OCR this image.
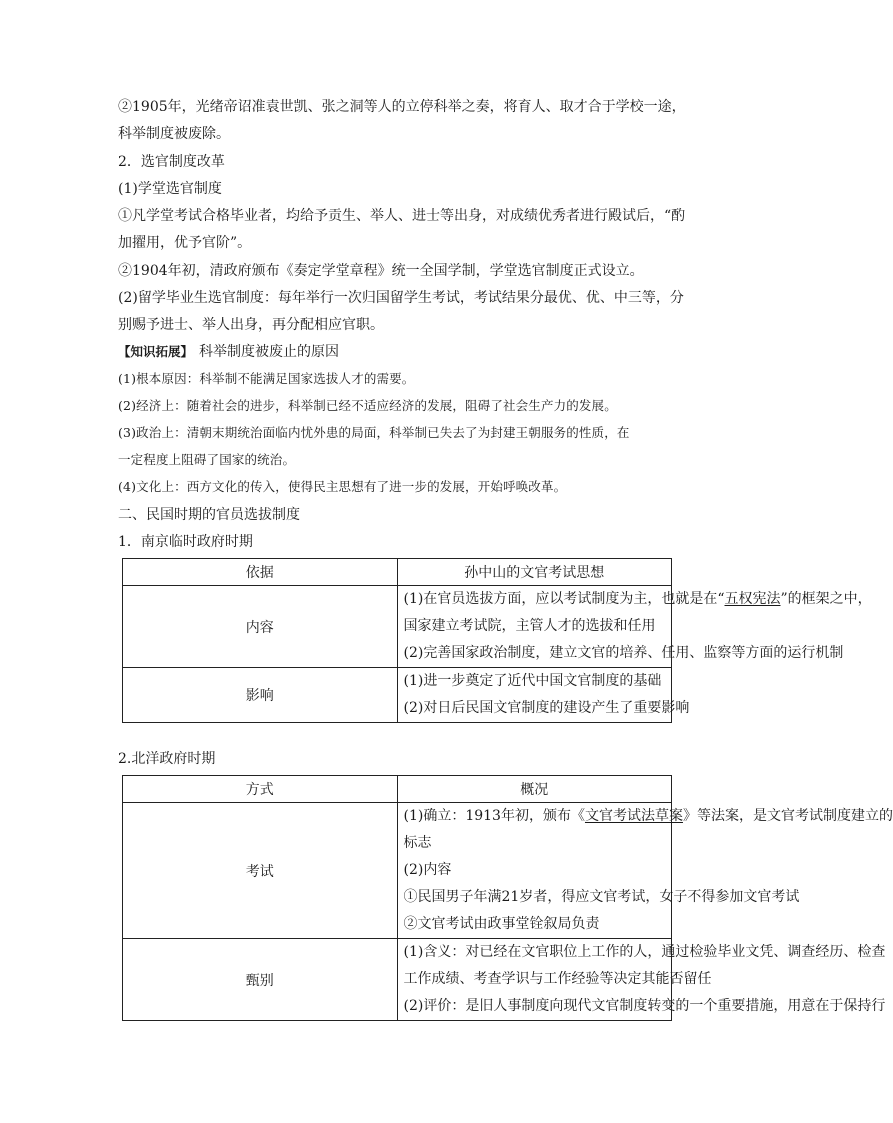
②1905年，光绪帝诏准袁世凯、张之洞等人的立停科举之奏，将育人、取才合于学校一途，
科举制度被废除。
2．选官制度改革
(1)学堂选官制度
①凡学堂考试合格毕业者，均给予贡生、举人、进士等出身，对成绩优秀者进行殿试后，“酌
加擢用，优予官阶”。
②1904年初，清政府颁布《奏定学堂章程》统一全国学制，学堂选官制度正式设立。
(2)留学毕业生选官制度：每年举行一次归国留学生考试，考试结果分最优、优、中三等，分
别赐予进士、举人出身，再分配相应官职。
【知识拓展】 科举制度被废止的原因
(1)根本原因：科举制不能满足国家选拔人才的需要。
(2)经济上：随着社会的进步，科举制已经不适应经济的发展，阻碍了社会生产力的发展。
(3)政治上：清朝末期统治面临内忧外患的局面，科举制已失去了为封建王朝服务的性质，在
一定程度上阻碍了国家的统治。
(4)文化上：西方文化的传入，使得民主思想有了进一步的发展，开始呼唤改革。
二、民国时期的官员选拔制度
1．南京临时政府时期
依据	孙中山的文官考试思想
内容	(1)在官员选拔方面，应以考试制度为主，也就是在“五权宪法”的框架之中，
国家建立考试院，主管人才的选拔和任用
(2)完善国家政治制度，建立文官的培养、任用、监察等方面的运行机制

影响	(1)进一步奠定了近代中国文官制度的基础
(2)对日后民国文官制度的建设产生了重要影响
2.北洋政府时期
方式	概况
考试	(1)确立：1913年初，颁布《文官考试法草案》等法案，是文官考试制度建立的
标志
(2)内容
①民国男子年满21岁者，得应文官考试，女子不得参加文官考试
②文官考试由政事堂铨叙局负责

甄别	(1)含义：对已经在文官职位上工作的人，通过检验毕业文凭、调查经历、检查
工作成绩、考查学识与工作经验等决定其能否留任
(2)评价：是旧人事制度向现代文官制度转变的一个重要措施，用意在于保持行
